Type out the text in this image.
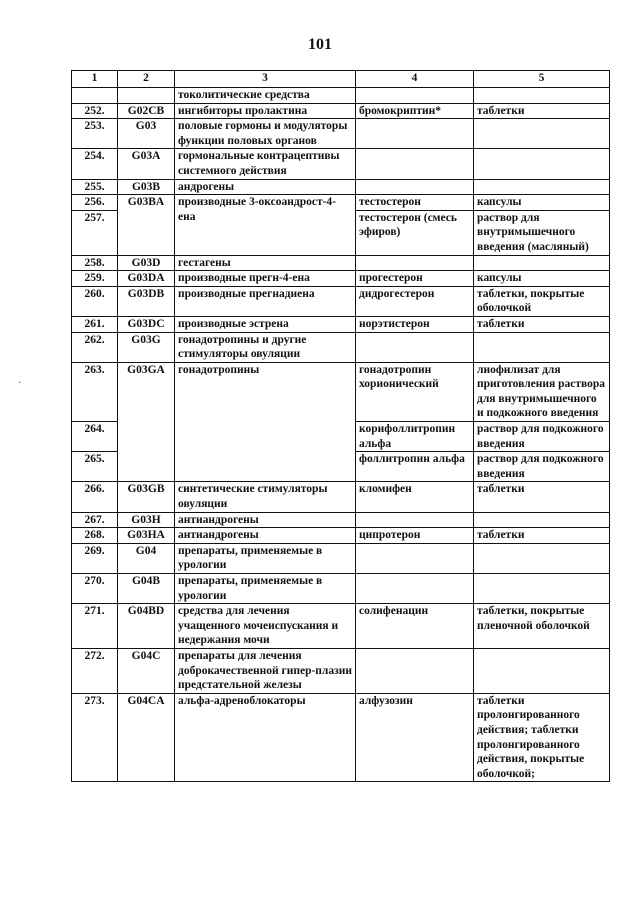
101
1	2	3	4	5
		токолитические средства		
252.	G02CB	ингибиторы пролактина	бромокриптин*	таблетки
253.	G03	половые гормоны и модуляторы функции половых органов		
254.	G03A	гормональные контрацептивы системного действия		
255.	G03B	андрогены		
256.	G03BA	производные 3-оксоандрост-4-ена	тестостерон	капсулы
257.			тестостерон (смесь эфиров)	раствор для внутримышечного введения (масляный)
258.	G03D	гестагены		
259.	G03DA	производные прегн-4-ена	прогестерон	капсулы
260.	G03DB	производные прегнадиена	дидрогестерон	таблетки, покрытые оболочкой
261.	G03DC	производные эстрена	норэтистерон	таблетки
262.	G03G	гонадотропины и другие стимуляторы овуляции		
263.	G03GA	гонадотропины	гонадотропин хорионический	лиофилизат для приготовления раствора для внутримышечного и подкожного введения
264.			корифоллитропин альфа	раствор для подкожного введения
265.			фоллитропин альфа	раствор для подкожного введения
266.	G03GB	синтетические стимуляторы овуляции	кломифен	таблетки
267.	G03H	антиандрогены		
268.	G03HA	антиандрогены	ципротерон	таблетки
269.	G04	препараты, применяемые в урологии		
270.	G04B	препараты, применяемые в урологии		
271.	G04BD	средства для лечения учащенного мочеиспускания и недержания мочи	солифенацин	таблетки, покрытые пленочной оболочкой
272.	G04C	препараты для лечения доброкачественной гипер-плазии предстательной железы		
273.	G04CA	альфа-адреноблокаторы	алфузозин	таблетки пролонгированного действия; таблетки пролонгированного действия, покрытые оболочкой;
·
